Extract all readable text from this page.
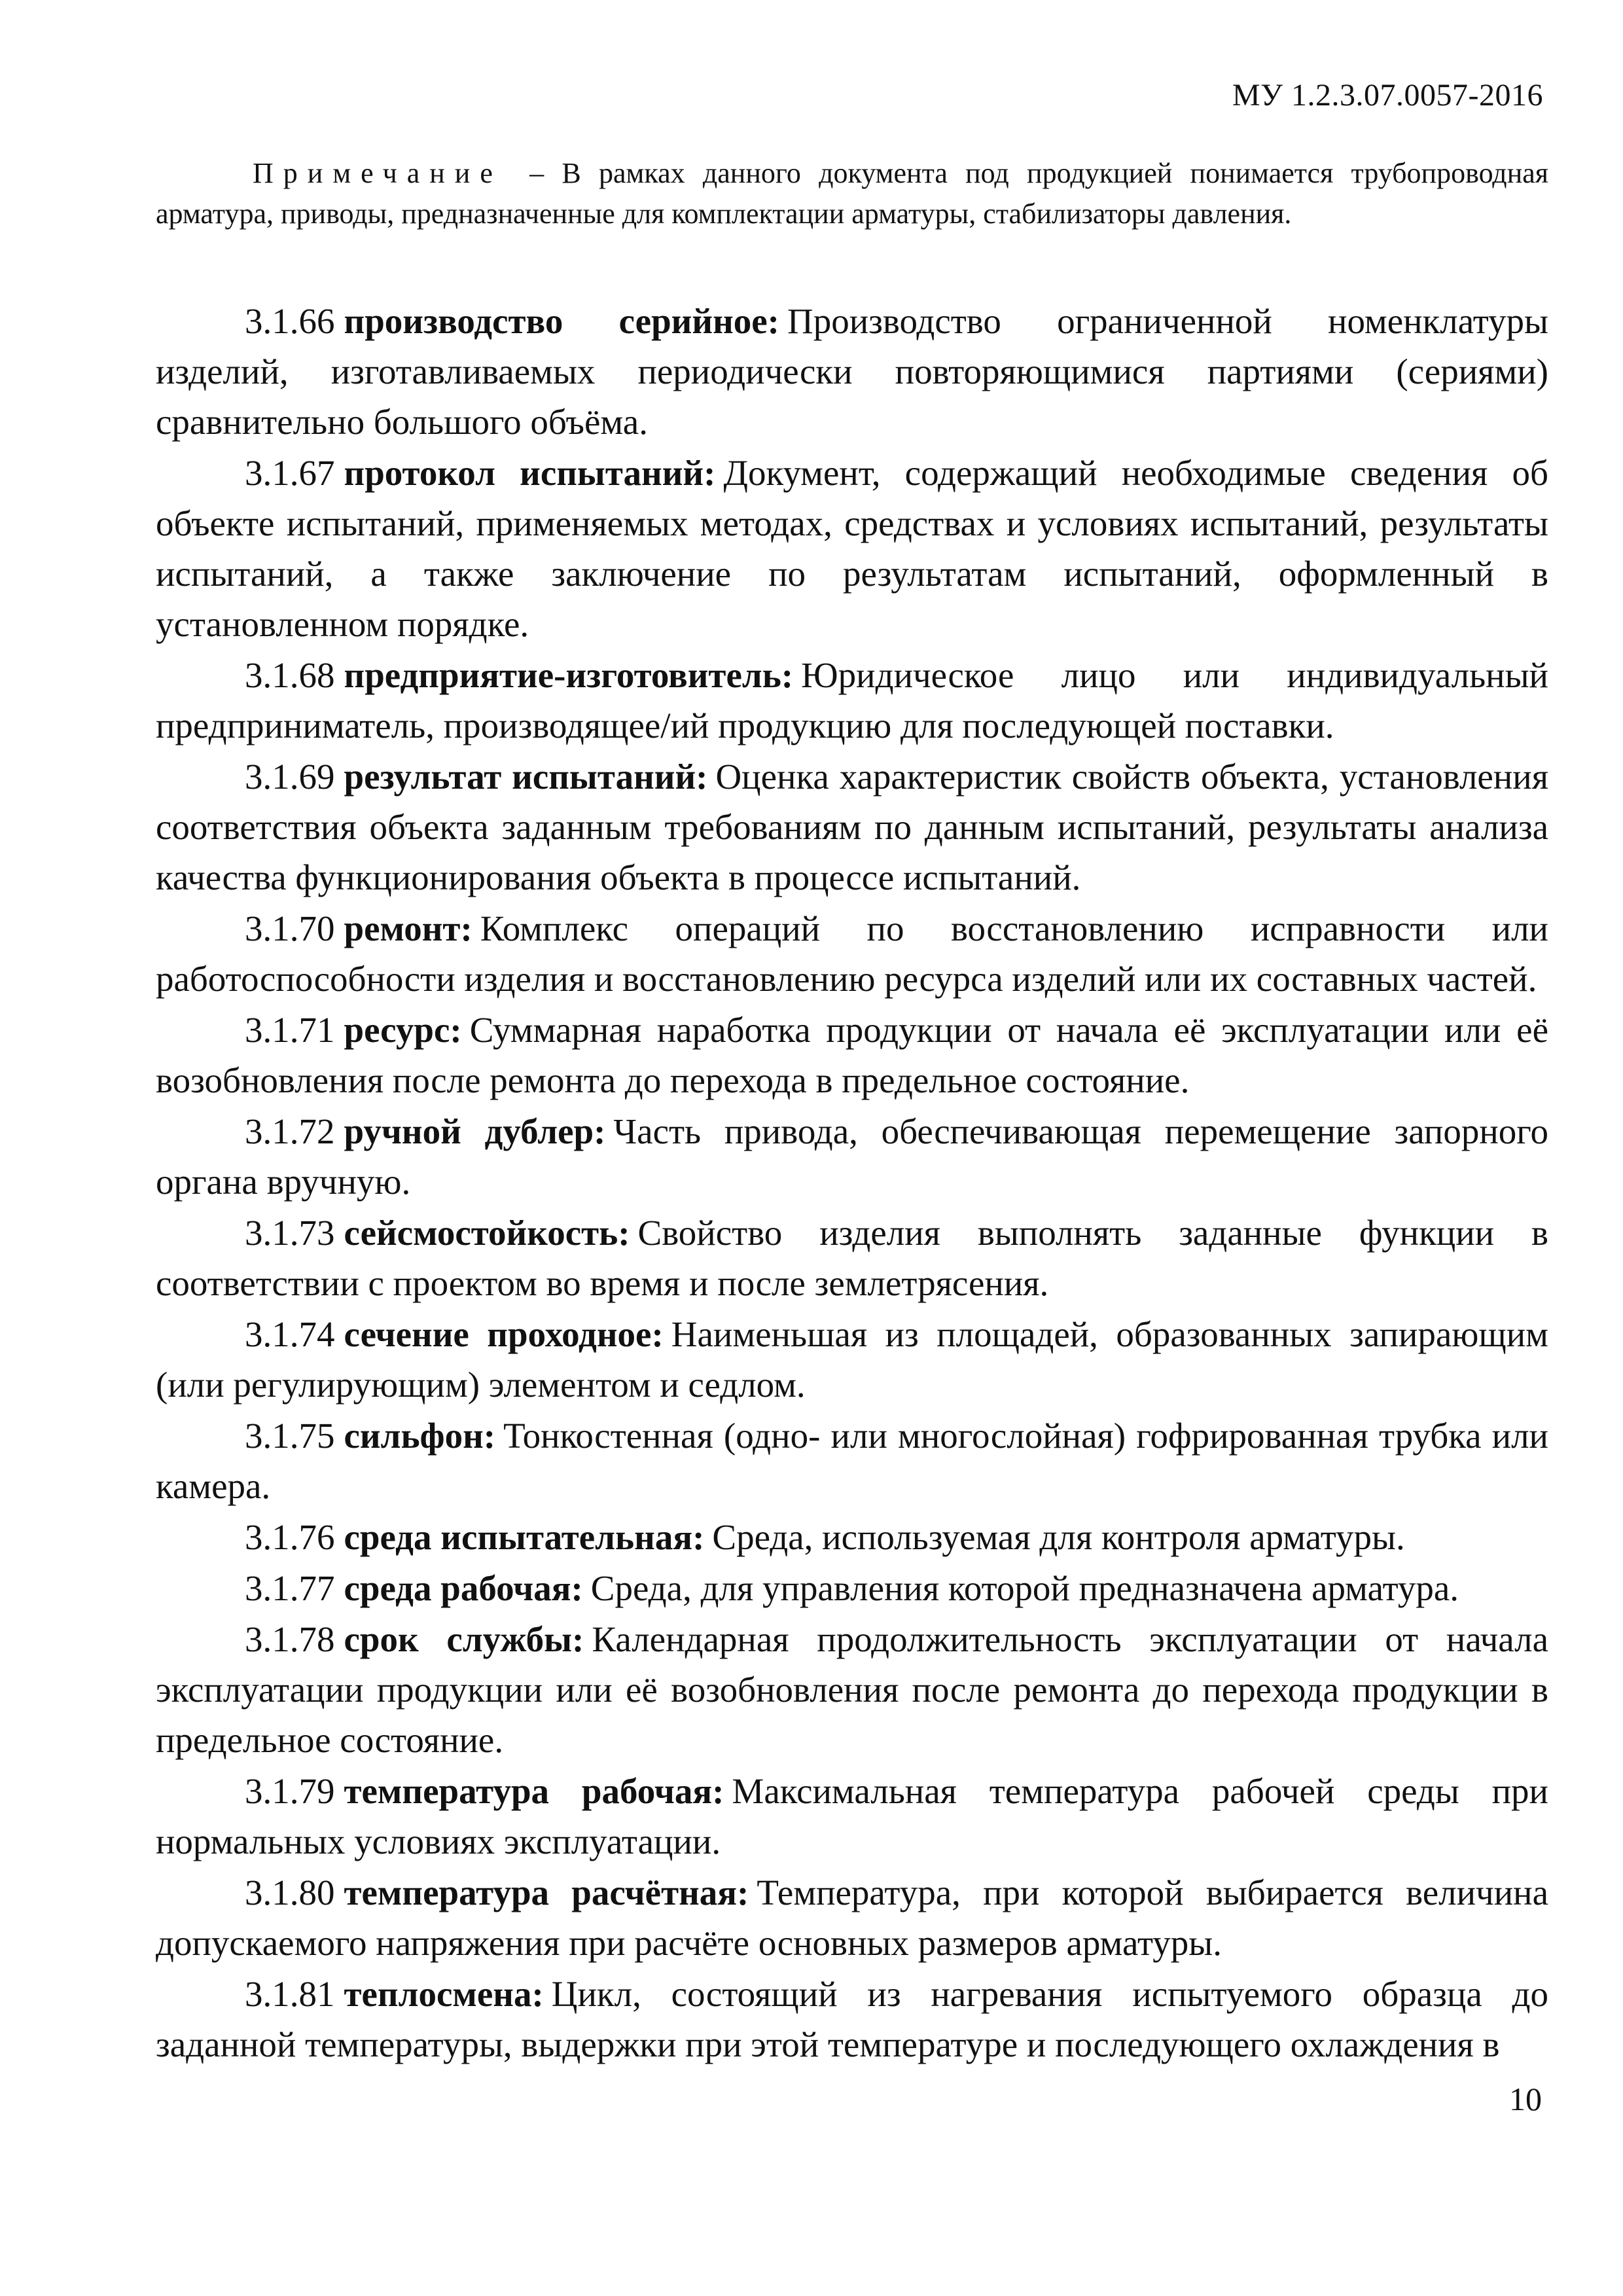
МУ 1.2.3.07.0057-2016

Примечание – В рамках данного документа под продукцией понимается трубопроводная арматура, приводы, предназначенные для комплектации арматуры, стабилизаторы давления.

3.1.66 производство серийное: Производство ограниченной номенклатуры изделий, изготавливаемых периодически повторяющимися партиями (сериями) сравнительно большого объёма.

3.1.67 протокол испытаний: Документ, содержащий необходимые сведения об объекте испытаний, применяемых методах, средствах и условиях испытаний, результаты испытаний, а также заключение по результатам испытаний, оформленный в установленном порядке.

3.1.68 предприятие-изготовитель: Юридическое лицо или индивидуальный предприниматель, производящее/ий продукцию для последующей поставки.

3.1.69 результат испытаний: Оценка характеристик свойств объекта, установления соответствия объекта заданным требованиям по данным испытаний, результаты анализа качества функционирования объекта в процессе испытаний.

3.1.70 ремонт: Комплекс операций по восстановлению исправности или работоспособности изделия и восстановлению ресурса изделий или их составных частей.

3.1.71 ресурс: Суммарная наработка продукции от начала её эксплуатации или её возобновления после ремонта до перехода в предельное состояние.

3.1.72 ручной дублер: Часть привода, обеспечивающая перемещение запорного органа вручную.

3.1.73 сейсмостойкость: Свойство изделия выполнять заданные функции в соответствии с проектом во время и после землетрясения.

3.1.74 сечение проходное: Наименьшая из площадей, образованных запирающим (или регулирующим) элементом и седлом.

3.1.75 сильфон: Тонкостенная (одно- или многослойная) гофрированная трубка или камера.

3.1.76 среда испытательная: Среда, используемая для контроля арматуры.

3.1.77 среда рабочая: Среда, для управления которой предназначена арматура.

3.1.78 срок службы: Календарная продолжительность эксплуатации от начала эксплуатации продукции или её возобновления после ремонта до перехода продукции в предельное состояние.

3.1.79 температура рабочая: Максимальная температура рабочей среды при нормальных условиях эксплуатации.

3.1.80 температура расчётная: Температура, при которой выбирается величина допускаемого напряжения при расчёте основных размеров арматуры.

3.1.81 теплосмена: Цикл, состоящий из нагревания испытуемого образца до заданной температуры, выдержки при этой температуре и последующего охлаждения в

10
